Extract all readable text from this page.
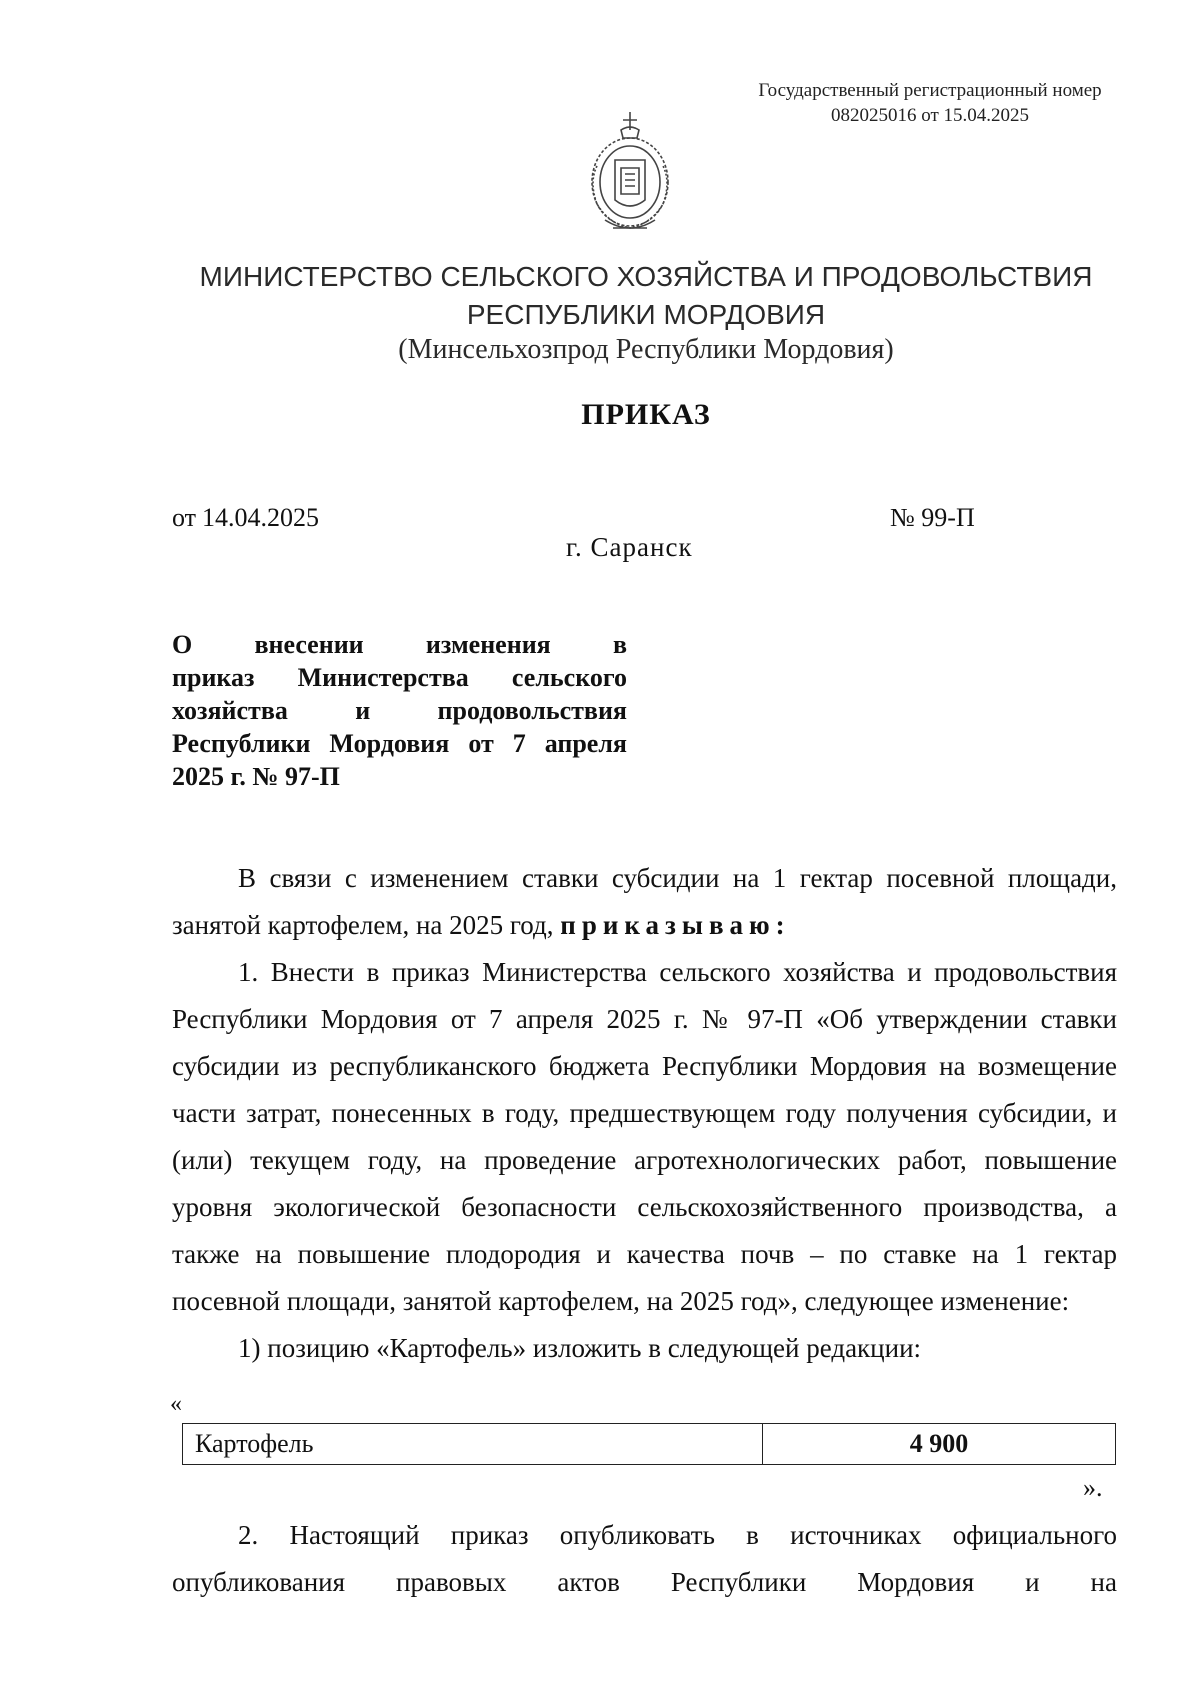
Государственный регистрационный номер
082025016 от 15.04.2025
МИНИСТЕРСТВО СЕЛЬСКОГО ХОЗЯЙСТВА И ПРОДОВОЛЬСТВИЯ
РЕСПУБЛИКИ МОРДОВИЯ
(Минсельхозпрод Республики Мордовия)
ПРИКАЗ
от 14.04.2025	№ 99-П
г. Саранск
О внесении изменения в
приказ Министерства сельского
хозяйства и продовольствия
Республики Мордовия от 7 апреля
2025 г. № 97-П

В связи с изменением ставки субсидии на 1 гектар посевной площади, занятой картофелем, на 2025 год, приказываю:

1. Внести в приказ Министерства сельского хозяйства и продовольствия Республики Мордовия от 7 апреля 2025 г. № 97-П «Об утверждении ставки субсидии из республиканского бюджета Республики Мордовия на возмещение части затрат, понесенных в году, предшествующем году получения субсидии, и (или) текущем году, на проведение агротехнологических работ, повышение уровня экологической безопасности сельскохозяйственного производства, а также на повышение плодородия и качества почв – по ставке на 1 гектар посевной площади, занятой картофелем, на 2025 год», следующее изменение:

1) позицию «Картофель» изложить в следующей редакции:

«
Картофель	4 900
».

2. Настоящий приказ опубликовать в источниках официального опубликования правовых актов Республики Мордовия и на
